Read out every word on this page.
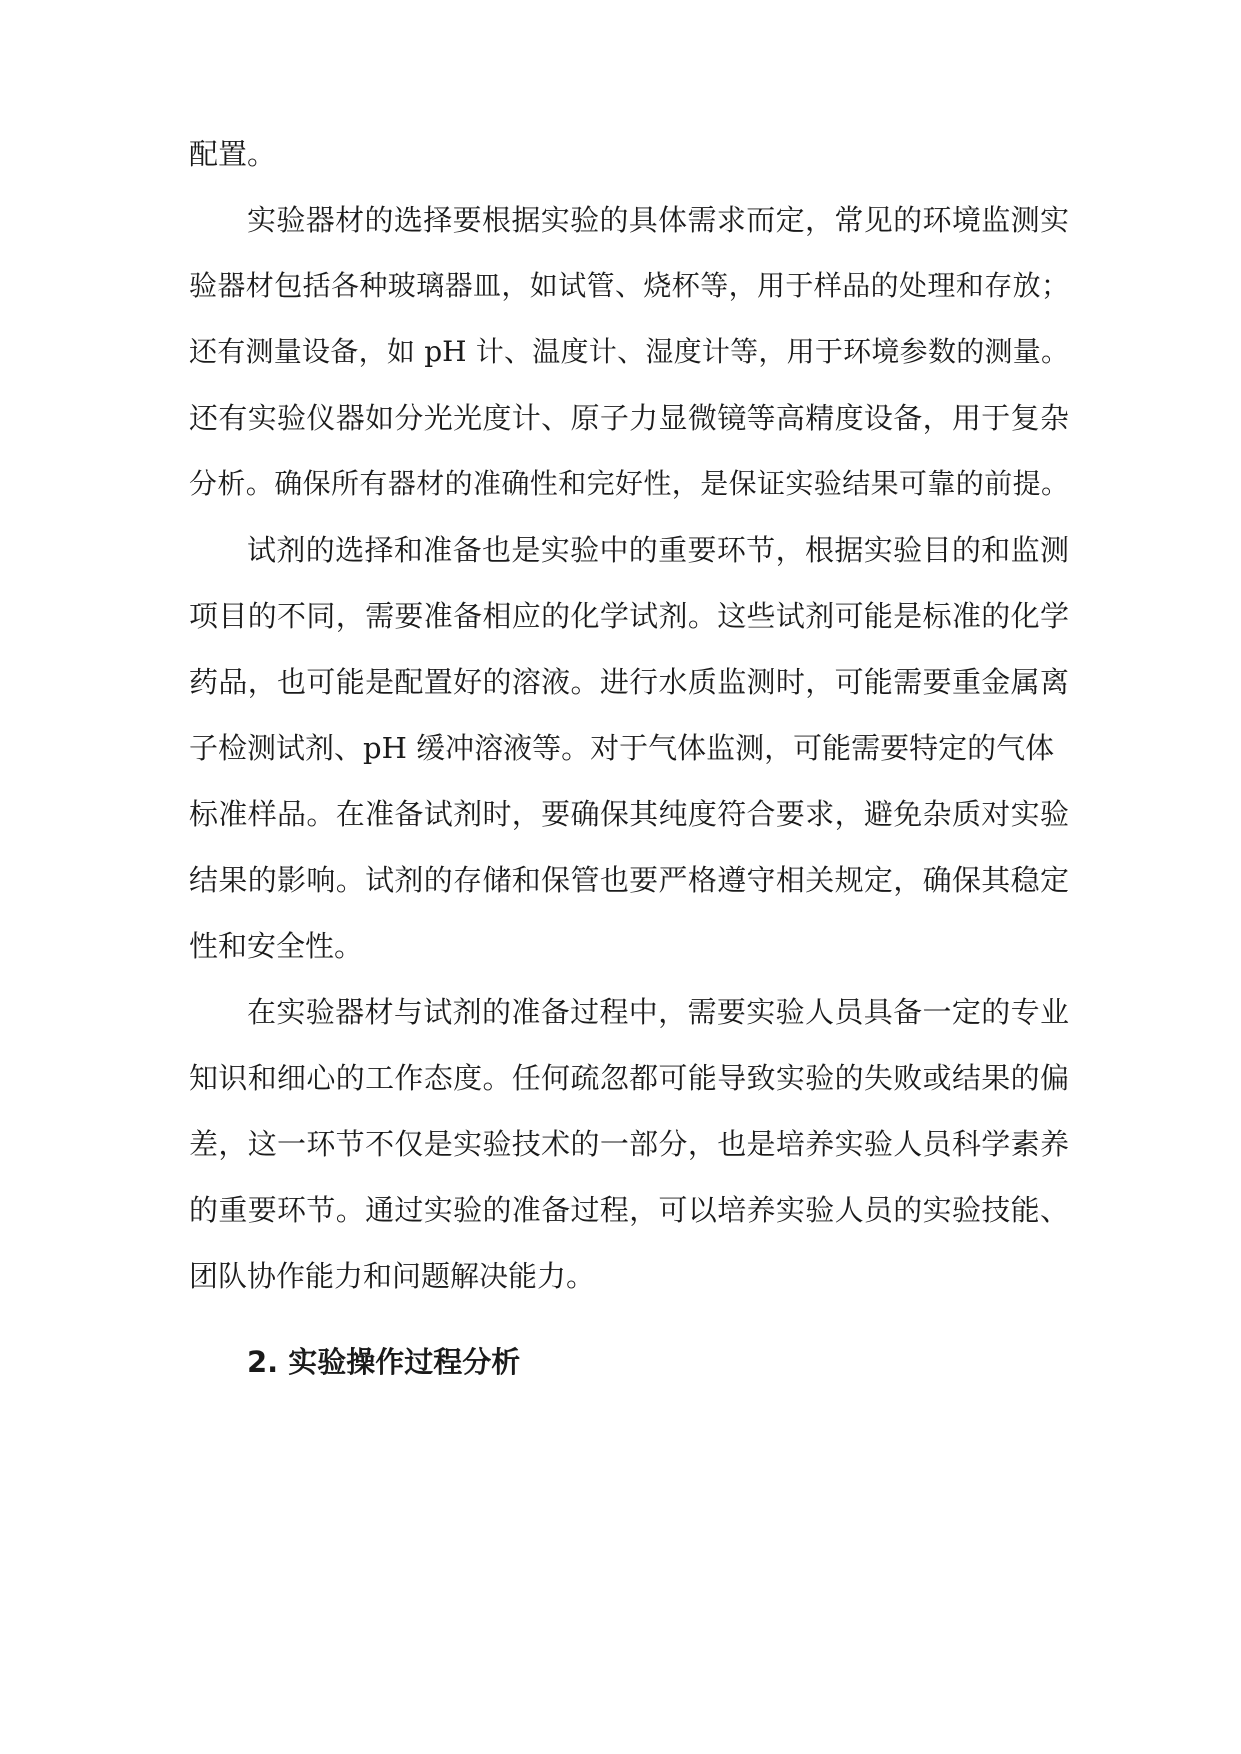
配置。

实验器材的选择要根据实验的具体需求而定，常见的环境监测实

验器材包括各种玻璃器皿，如试管、烧杯等，用于样品的处理和存放；

还有测量设备，如 pH 计、温度计、湿度计等，用于环境参数的测量。

还有实验仪器如分光光度计、原子力显微镜等高精度设备，用于复杂

分析。确保所有器材的准确性和完好性，是保证实验结果可靠的前提。

试剂的选择和准备也是实验中的重要环节，根据实验目的和监测

项目的不同，需要准备相应的化学试剂。这些试剂可能是标准的化学

药品，也可能是配置好的溶液。进行水质监测时，可能需要重金属离

子检测试剂、pH 缓冲溶液等。对于气体监测，可能需要特定的气体

标准样品。在准备试剂时，要确保其纯度符合要求，避免杂质对实验

结果的影响。试剂的存储和保管也要严格遵守相关规定，确保其稳定

性和安全性。

在实验器材与试剂的准备过程中，需要实验人员具备一定的专业

知识和细心的工作态度。任何疏忽都可能导致实验的失败或结果的偏

差，这一环节不仅是实验技术的一部分，也是培养实验人员科学素养

的重要环节。通过实验的准备过程，可以培养实验人员的实验技能、

团队协作能力和问题解决能力。

2. 实验操作过程分析
